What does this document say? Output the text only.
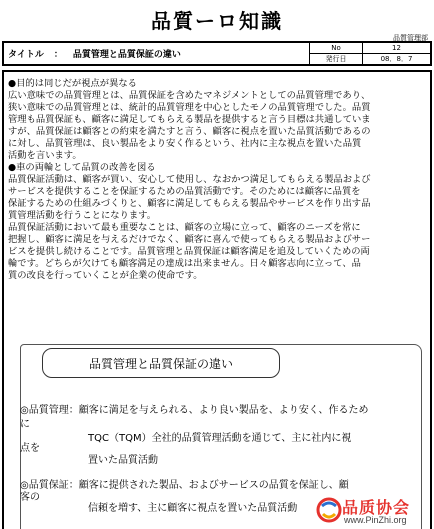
品質ーロ知識
品質管理部
タイトル ： 品質管理と品質保証の違い
No	12
発行日	08．8．7

●目的は同じだが視点が異なる

広い意味での品質管理とは、品質保証を含めたマネジメントとしての品質管理であり、

狭い意味での品質管理とは、統計的品質管理を中心としたモノの品質管理でした。品質

管理も品質保証も、顧客に満足してもらえる製品を提供すると言う目標は共通していま

すが、品質保証は顧客との約束を満たすと言う、顧客に視点を置いた品質活動であるの

に対し、品質管理は、良い製品をより安く作るという、社内に主な視点を置いた品質

活動を言います。

●車の両輪として品質の改善を図る

品質保証活動は、顧客が買い、安心して使用し、なおかつ満足してもらえる製品および

サービスを提供することを保証するための品質活動です。そのためには顧客に品質を

保証するための仕組みづくりと、顧客に満足してもらえる製品やサービスを作り出す品

質管理活動を行うことになります。

品質保証活動において最も重要なことは、顧客の立場に立って、顧客のニーズを常に

把握し、顧客に満足を与えるだけでなく、顧客に喜んで使ってもらえる製品およびサー

ビスを提供し続けることです。品質管理と品質保証は顧客満足を追及していくための両

輪です。どちらが欠けても顧客満足の達成は出来ません。日々顧客志向に立って、品

質の改良を行っていくことが企業の使命です。

品質管理と品質保証の違い
◎品質管理：顧客に満足を与えられる、より良い製品を、より安く、作るため
に
TQC（TQM）全社的品質管理活動を通じて、主に社内に視
点を
置いた品質活動
◎品質保証：顧客に提供された製品、およびサービスの品質を保証し、顧
客の
信頼を増す、主に顧客に視点を置いた品質活動	品质协会
www.PinZhi.org
